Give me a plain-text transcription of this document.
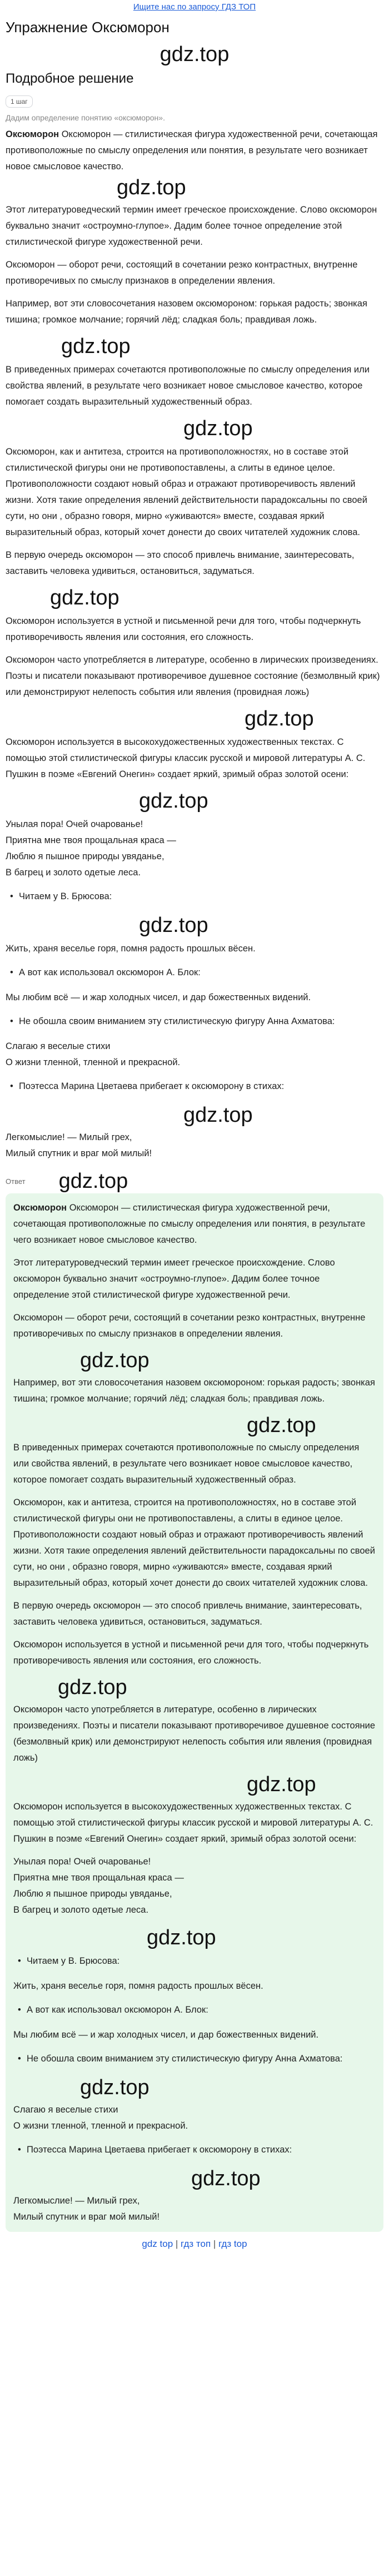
Ищите нас по запросу ГДЗ ТОП
Упражнение Оксюморон
gdz.top
Подробное решение
1 шаг
Дадим определение понятию «оксюморон».

Оксюморон Оксюморон — стилистическая фигура художественной речи, сочетающая противоположные по смыслу определения или понятия, в результате чего возникает новое смысловое качество.

gdz.top

Этот литературоведческий термин имеет греческое происхождение. Слово оксюморон буквально значит «остроумно-глупое». Дадим более точное определение этой стилистической фигуре художественной речи.

Оксюморон — оборот речи, состоящий в сочетании резко контрастных, внутренне противоречивых по смыслу признаков в определении явления.

Например, вот эти словосочетания назовем оксюмороном: горькая радость; звонкая тишина; громкое молчание; горячий лёд; сладкая боль; правдивая ложь.

gdz.top

В приведенных примерах сочетаются противоположные по смыслу определения или свойства явлений, в результате чего возникает новое смысловое качество, которое помогает создать выразительный художественный образ.

gdz.top

Оксюморон, как и антитеза, строится на противоположностях, но в составе этой стилистической фигуры они не противопоставлены, а слиты в единое целое. Противоположности создают новый образ и отражают противоречивость явлений жизни. Хотя такие определения явлений действительности парадоксальны по своей сути, но они , образно говоря, мирно «уживаются» вместе, создавая яркий выразительный образ, который хочет донести до своих читателей художник слова.

В первую очередь оксюморон — это способ привлечь внимание, заинтересовать, заставить человека удивиться, остановиться, задуматься.

gdz.top

Оксюморон используется в устной и письменной речи для того, чтобы подчеркнуть противоречивость явления или состояния, его сложность.

Оксюморон часто употребляется в литературе, особенно в лирических произведениях. Поэты и писатели показывают противоречивое душевное состояние (безмолвный крик) или демонстрируют нелепость события или явления (провидная ложь)

gdz.top

Оксюморон используется в высокохудожественных художественных текстах. С помощью этой стилистической фигуры классик русской и мировой литературы А. С. Пушкин в поэме «Евгений Онегин» создает яркий, зримый образ золотой осени:

gdz.top
Унылая пора! Очей очарованье!
Приятна мне твоя прощальная краса —
Люблю я пышное природы увяданье,
В багрец и золото одетые леса.
• Читаем у В. Брюсова:
gdz.top
Жить, храня веселье горя, помня радость прошлых вёсен.
• А вот как использовал оксюморон А. Блок:
Мы любим всё — и жар холодных чисел, и дар божественных видений.
• Не обошла своим вниманием эту стилистическую фигуру Анна Ахматова:
Слагаю я веселые стихи
О жизни тленной, тленной и прекрасной.
• Поэтесса Марина Цветаева прибегает к оксюморону в стихах:
gdz.top
Легкомыслие! — Милый грех,
Милый спутник и враг мой милый!
Ответ gdz.top

Оксюморон Оксюморон — стилистическая фигура художественной речи, сочетающая противоположные по смыслу определения или понятия, в результате чего возникает новое смысловое качество.

Этот литературоведческий термин имеет греческое происхождение. Слово оксюморон буквально значит «остроумно-глупое». Дадим более точное определение этой стилистической фигуре художественной речи.

Оксюморон — оборот речи, состоящий в сочетании резко контрастных, внутренне противоречивых по смыслу признаков в определении явления.

gdz.top

Например, вот эти словосочетания назовем оксюмороном: горькая радость; звонкая тишина; громкое молчание; горячий лёд; сладкая боль; правдивая ложь.

gdz.top

В приведенных примерах сочетаются противоположные по смыслу определения или свойства явлений, в результате чего возникает новое смысловое качество, которое помогает создать выразительный художественный образ.

Оксюморон, как и антитеза, строится на противоположностях, но в составе этой стилистической фигуры они не противопоставлены, а слиты в единое целое. Противоположности создают новый образ и отражают противоречивость явлений жизни. Хотя такие определения явлений действительности парадоксальны по своей сути, но они , образно говоря, мирно «уживаются» вместе, создавая яркий выразительный образ, который хочет донести до своих читателей художник слова.

В первую очередь оксюморон — это способ привлечь внимание, заинтересовать, заставить человека удивиться, остановиться, задуматься.

Оксюморон используется в устной и письменной речи для того, чтобы подчеркнуть противоречивость явления или состояния, его сложность.

gdz.top

Оксюморон часто употребляется в литературе, особенно в лирических произведениях. Поэты и писатели показывают противоречивое душевное состояние (безмолвный крик) или демонстрируют нелепость события или явления (провидная ложь)

gdz.top

Оксюморон используется в высокохудожественных художественных текстах. С помощью этой стилистической фигуры классик русской и мировой литературы А. С. Пушкин в поэме «Евгений Онегин» создает яркий, зримый образ золотой осени:

Унылая пора! Очей очарованье!
Приятна мне твоя прощальная краса —
Люблю я пышное природы увяданье,
В багрец и золото одетые леса.
gdz.top
• Читаем у В. Брюсова:
Жить, храня веселье горя, помня радость прошлых вёсен.
• А вот как использовал оксюморон А. Блок:
Мы любим всё — и жар холодных чисел, и дар божественных видений.
• Не обошла своим вниманием эту стилистическую фигуру Анна Ахматова:
gdz.top
Слагаю я веселые стихи
О жизни тленной, тленной и прекрасной.
• Поэтесса Марина Цветаева прибегает к оксюморону в стихах:
gdz.top
Легкомыслие! — Милый грех,
Милый спутник и враг мой милый!
gdz top | гдз топ | гдз top
